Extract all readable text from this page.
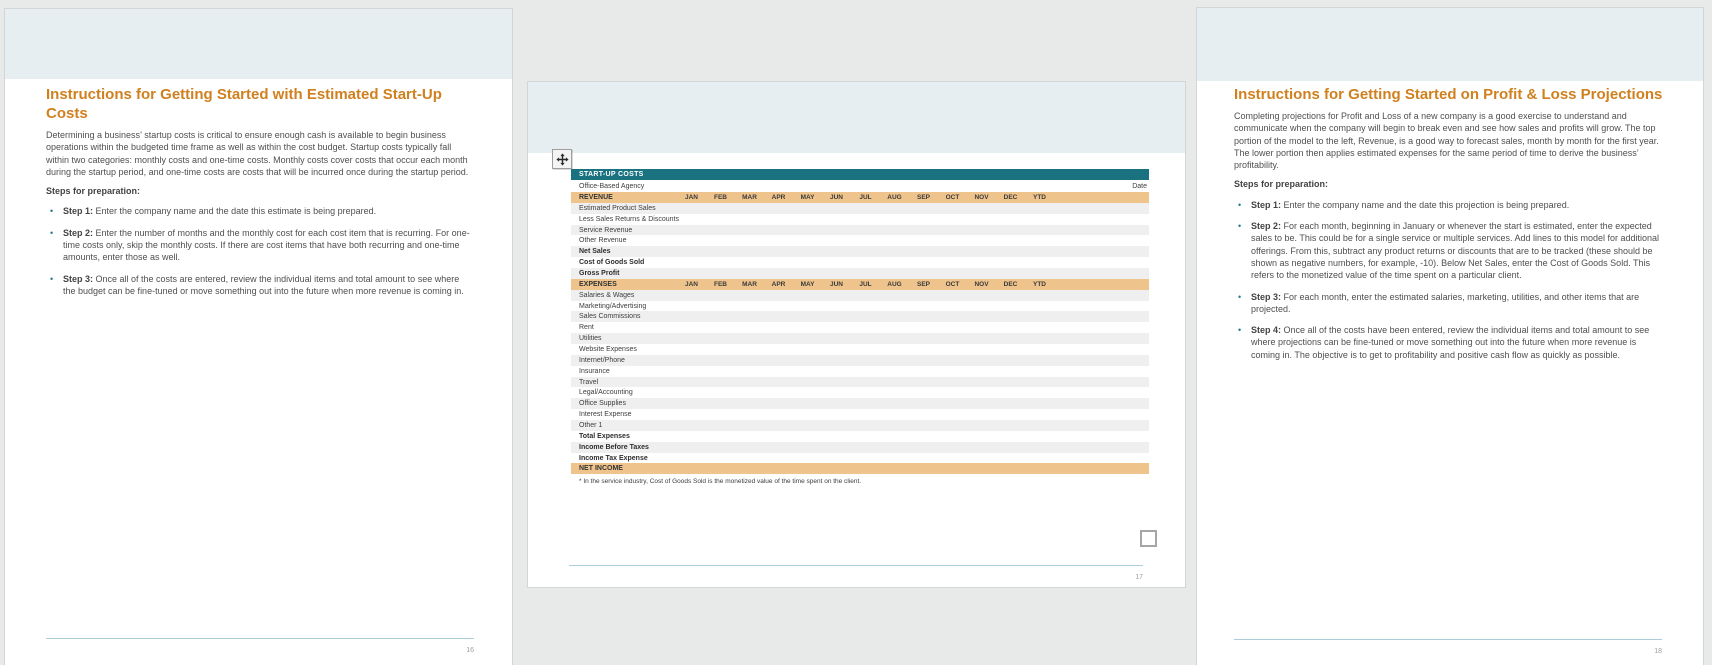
Instructions for Getting Started with Estimated Start-Up Costs

Determining a business’ startup costs is critical to ensure enough cash is available to begin business operations within the budgeted time frame as well as within the cost budget. Startup costs typically fall within two categories: monthly costs and one-time costs. Monthly costs cover costs that occur each month during the startup period, and one-time costs are costs that will be incurred once during the startup period.

Steps for preparation:

• Step 1: Enter the company name and the date this estimate is being prepared.
• Step 2: Enter the number of months and the monthly cost for each cost item that is recurring. For one-time costs only, skip the monthly costs. If there are cost items that have both recurring and one-time amounts, enter those as well.
• Step 3: Once all of the costs are entered, review the individual items and total amount to see where the budget can be fine-tuned or move something out into the future when more revenue is coming in.
16
START-UP COSTS
Office-Based Agency	Date
REVENUE	JAN	FEB	MAR	APR	MAY	JUN	JUL	AUG	SEP	OCT	NOV	DEC	YTD
Estimated Product Sales
Less Sales Returns & Discounts
Service Revenue
Other Revenue
Net Sales
Cost of Goods Sold
Gross Profit
EXPENSES	JAN	FEB	MAR	APR	MAY	JUN	JUL	AUG	SEP	OCT	NOV	DEC	YTD
Salaries & Wages
Marketing/Advertising
Sales Commissions
Rent
Utilities
Website Expenses
Internet/Phone
Insurance
Travel
Legal/Accounting
Office Supplies
Interest Expense
Other 1
Total Expenses
Income Before Taxes
Income Tax Expense
NET INCOME
* In the service industry, Cost of Goods Sold is the monetized value of the time spent on the client.
17
Instructions for Getting Started on Profit & Loss Projections

Completing projections for Profit and Loss of a new company is a good exercise to understand and communicate when the company will begin to break even and see how sales and profits will grow. The top portion of the model to the left, Revenue, is a good way to forecast sales, month by month for the first year. The lower portion then applies estimated expenses for the same period of time to derive the business’ profitability.

Steps for preparation:

• Step 1: Enter the company name and the date this projection is being prepared.
• Step 2: For each month, beginning in January or whenever the start is estimated, enter the expected sales to be. This could be for a single service or multiple services. Add lines to this model for additional offerings. From this, subtract any product returns or discounts that are to be tracked (these should be shown as negative numbers, for example, -10). Below Net Sales, enter the Cost of Goods Sold. This refers to the monetized value of the time spent on a particular client.
• Step 3: For each month, enter the estimated salaries, marketing, utilities, and other items that are projected.
• Step 4: Once all of the costs have been entered, review the individual items and total amount to see where projections can be fine-tuned or move something out into the future when more revenue is coming in. The objective is to get to profitability and positive cash flow as quickly as possible.
18
